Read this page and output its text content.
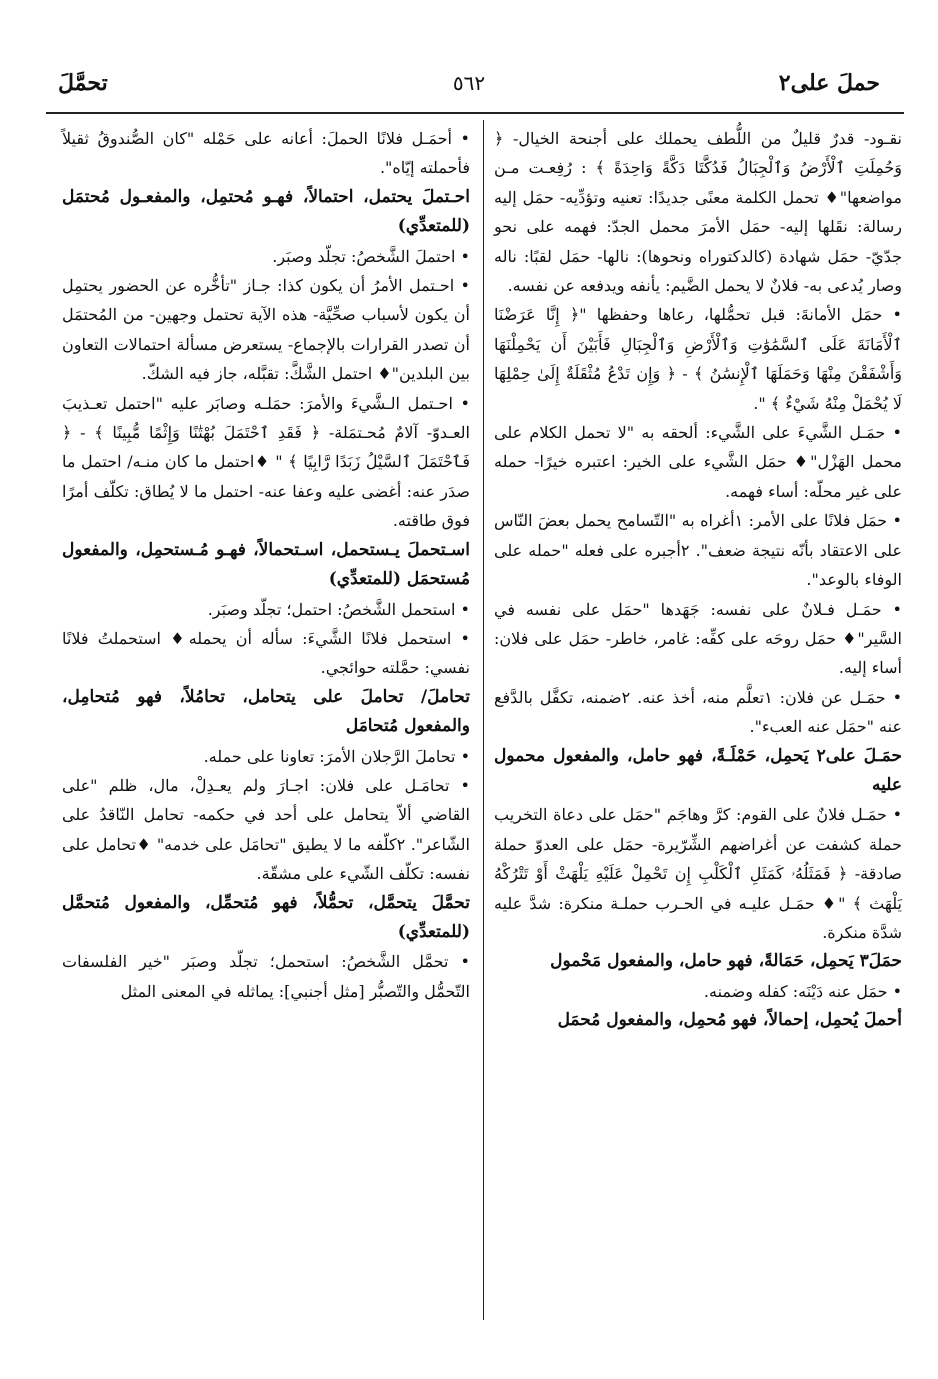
حملَ على٢
٥٦٢
تحمَّلَ

نقـود- قدرٌ قليلٌ من اللُّطف يحملك على أجنحة الخيال- ﴿ وَحُمِلَتِ ٱلْأَرْضُ وَٱلْجِبَالُ فَدُكَّتَا دَكَّةً وَاحِدَةً ﴾ : رُفِعـت مـن مواضعها"♦ تحمل الكلمة معنًى جديدًا: تعنيه وتؤدِّيه- حمَل إليه رسالة: نقَلها إليه- حمَل الأمرَ محمل الجدّ: فهمه على نحو جدّيّ- حمَل شهادة (كالدكتوراه ونحوها): نالها- حمَل لقبًا: ناله وصار يُدعى به- فلانٌ لا يحمل الضَّيم: يأنفه ويدفعه عن نفسه.

• حمَل الأمانةَ: قبل تحمُّلها، رعاها وحفظها "﴿ إِنَّا عَرَضْنَا ٱلْأَمَانَةَ عَلَى ٱلسَّمَٰوَٰتِ وَٱلْأَرْضِ وَٱلْجِبَالِ فَأَبَيْنَ أَن يَحْمِلْنَهَا وَأَشْفَقْنَ مِنْهَا وَحَمَلَهَا ٱلْإِنسَٰنُ ﴾ - ﴿ وَإِن تَدْعُ مُثْقَلَةٌ إِلَىٰ حِمْلِهَا لَا يُحْمَلْ مِنْهُ شَيْءٌ ﴾ ".

• حمَـل الشَّيءَ على الشَّيء: ألحقه به "لا تحمل الكلام على محمل الهَزْل"♦ حمَل الشَّيء على الخير: اعتبره خيرًا- حمله على غير محلّه: أساء فهمه.

• حمَل فلانًا على الأمر: ١أغراه به "التّسامح يحمل بعضَ النّاس على الاعتقاد بأنّه نتيجة ضعف". ٢أجبره على فعله "حمله على الوفاء بالوعد".

• حمَـل فـلانٌ على نفسه: جَهَدها "حمَل على نفسه في السَّير"♦ حمَل روحَه على كفِّه: غامر، خاطر- حمَل على فلان: أساء إليه.

• حمَـل عن فلان: ١تعلَّم منه، أخذ عنه. ٢ضمنه، تكفَّل بالدَّفع عنه "حمَل عنه العبء".

حمَـلَ على٢ يَحمِل، حَمْلَـةً، فهو حامل، والمفعول محمول عليه

• حمَـل فلانٌ على القوم: كرَّ وهاجَم "حمَل على دعاة التخريب حملة كشفت عن أغراضهم الشِّرّيرة- حمَل على العدوّ حملة صادقة- ﴿ فَمَثَلُهُۥ كَمَثَلِ ٱلْكَلْبِ إِن تَحْمِلْ عَلَيْهِ يَلْهَثْ أَوْ تَتْرُكْهُ يَلْهَث ﴾ "♦ حمَـل عليـه في الحـرب حملـة منكرة: شدَّ عليه شدَّة منكرة.

حمَلَ٣ يَحمِل، حَمَالةً، فهو حامل، والمفعول مَحْمول

• حمَل عنه دَيْنَه: كفله وضمنه.

أحملَ يُحمِل، إحمالاً، فهو مُحمِل، والمفعول مُحمَل

• أحمَـل فلانًا الحملَ: أعانه على حَمْله "كان الصُّندوقُ ثقيلاً فأحملته إيّاه".

احـتملَ يحتمل، احتمالاً، فهـو مُحتمِل، والمفعـول مُحتمَل (للمتعدِّي)

• احتملَ الشَّخصُ: تجلّد وصبَر.

• احـتمل الأمرُ أن يكون كذا: جـاز "تأخُّره عن الحضور يحتمِل أن يكون لأسباب صحِّيَّة- هذه الآية تحتمل وجهين- من المُحتمَل أن تصدر القرارات بالإجماع- يستعرض مسألة احتمالات التعاون بين البلدين"♦ احتمل الشَّكَّ: تقبَّله، جاز فيه الشكّ.

• احـتمل الـشَّيءَ والأمرَ: حمَلـه وصابَر عليه "احتمل تعـذيبَ العـدوّ- آلامٌ مُحـتمَلة- ﴿ فَقَدِ ٱحْتَمَلَ بُهْتَٰنًا وَإِثْمًا مُّبِينًا ﴾ - ﴿ فَٱحْتَمَلَ ٱلسَّيْلُ زَبَدًا رَّابِيًا ﴾ " ♦احتمل ما كان منـه/ احتمل ما صدَر عنه: أغضى عليه وعفا عنه- احتمل ما لا يُطاق: تكلّف أمرًا فوق طاقته.

اسـتحملَ يـستحمل، اسـتحمالاً، فهـو مُـستحمِل، والمفعول مُستحمَل (للمتعدِّي)

• استحمل الشَّخصُ: احتمل؛ تجلّد وصبَر.

• استحمل فلانًا الشَّيءَ: سأله أن يحمله♦ استحملتُ فلانًا نفسي: حمَّلته حوائجي.

تحاملَ/ تحاملَ على يتحامل، تحامُلاً، فهو مُتحامِل، والمفعول مُتحامَل

• تحاملَ الرَّجلان الأمرَ: تعاونا على حمله.

• تحامَـل على فلان: اجـارَ ولم يعـدِلْ، مال، ظلم "على القاضي ألاّ يتحامل على أحد في حكمه- تحامل النّاقدُ على الشّاعر". ٢كلّفه ما لا يطيق "تحامَل على خدمه" ♦تحامل على نفسه: تكلّف الشّيء على مشقّة.

تحمَّلَ يتحمَّل، تحمُّلاً، فهو مُتحمِّل، والمفعول مُتحمَّل (للمتعدِّي)

• تحمَّل الشَّخصُ: استحمل؛ تجلّد وصبَر "خير الفلسفات التّحمُّل والتّصبُّر [مثل أجنبي]: يماثله في المعنى المثل
